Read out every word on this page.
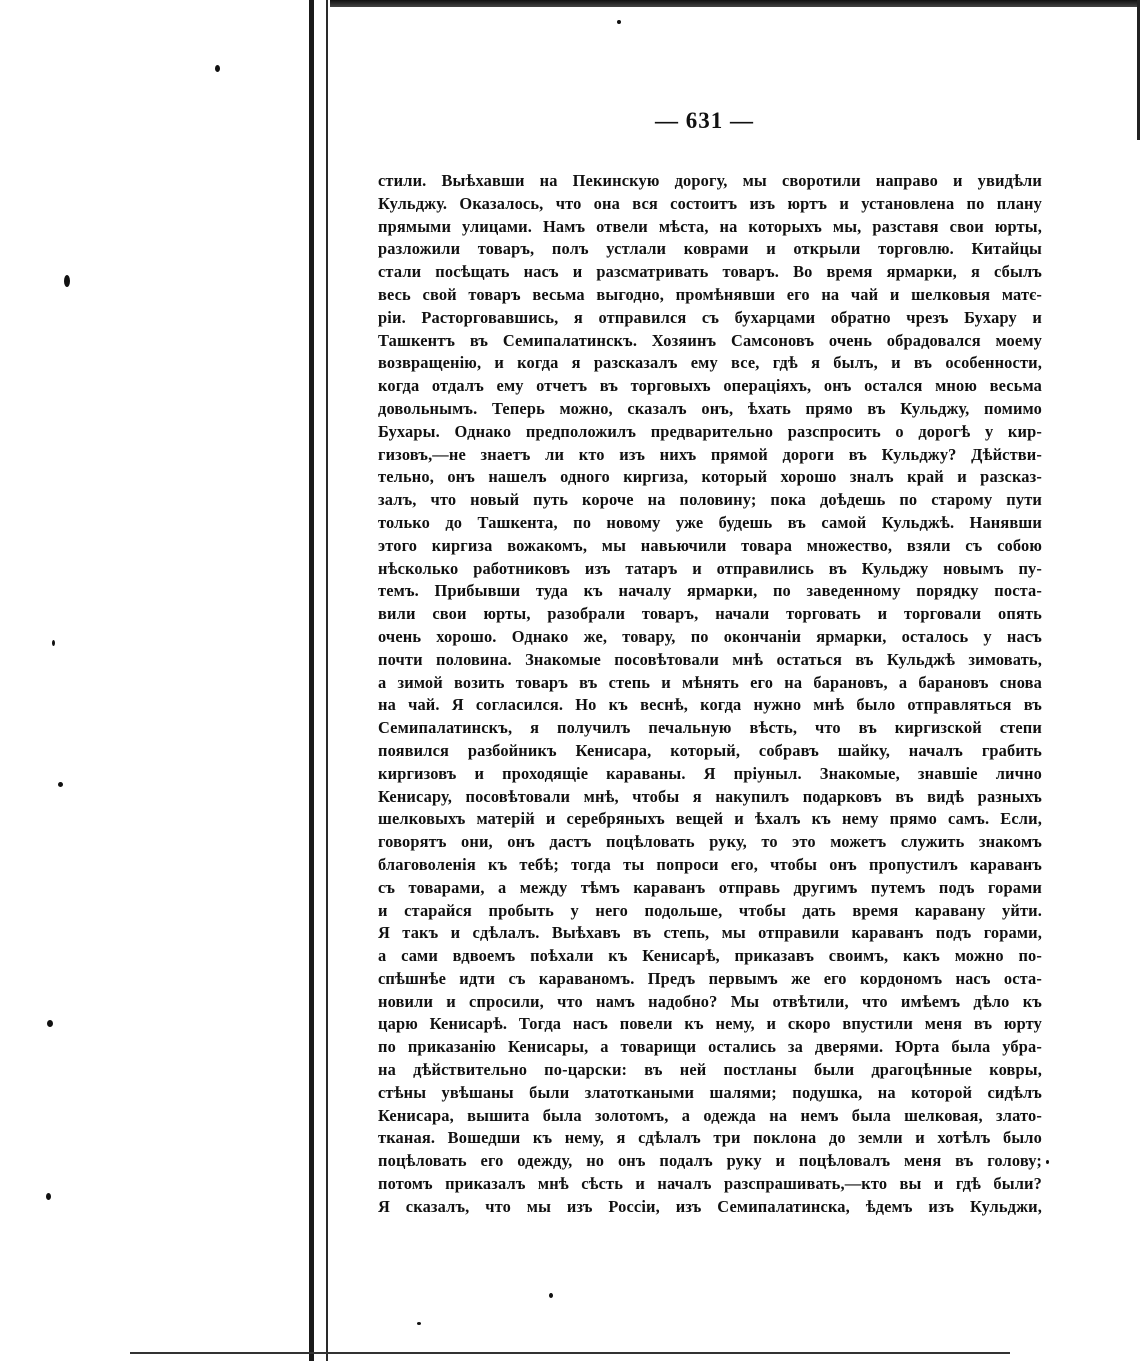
— 631 —
стили. Выѣхавши на Пекинскую дорогу, мы своротили направо и увидѣли
Кульджу. Оказалось, что она вся состоитъ изъ юртъ и установлена по плану
прямыми улицами. Намъ отвели мѣста, на которыхъ мы, разставя свои юрты,
разложили товаръ, полъ устлали коврами и открыли торговлю. Китайцы
стали посѣщать насъ и разсматривать товаръ. Во время ярмарки, я сбылъ
весь свой товаръ весьма выгодно, промѣнявши его на чай и шелковыя матє-
рiи. Расторговавшись, я отправился съ бухарцами обратно чрезъ Бухару и
Ташкентъ въ Семипалатинскъ. Хозяинъ Самсоновъ очень обрадовался моему
возвращенiю, и когда я разсказалъ ему все, гдѣ я былъ, и въ особенности,
когда отдалъ ему отчетъ въ торговыхъ операцiяхъ, онъ остался мною весьма
довольнымъ. Теперь можно, сказалъ онъ, ѣхать прямо въ Кульджу, помимо
Бухары. Однако предположилъ предварительно разспросить о дорогѣ у кир-
гизовъ,—не знаетъ ли кто изъ нихъ прямой дороги въ Кульджу? Дѣйстви-
тельно, онъ нашелъ одного киргиза, который хорошо зналъ край и разсказ-
залъ, что новый путь короче на половину; пока доѣдешь по старому пути
только до Ташкента, по новому уже будешь въ самой Кульджѣ. Нанявши
этого киргиза вожакомъ, мы навьючили товара множество, взяли съ собою
нѣсколько работниковъ изъ татаръ и отправились въ Кульджу новымъ пу-
темъ. Прибывши туда къ началу ярмарки, по заведенному порядку поста-
вили свои юрты, разобрали товаръ, начали торговать и торговали опять
очень хорошо. Однако же, товару, по окончанiи ярмарки, осталось у насъ
почти половина. Знакомые посовѣтовали мнѣ остаться въ Кульджѣ зимовать,
а зимой возить товаръ въ степь и мѣнять его на барановъ, а барановъ снова
на чай. Я согласился. Но къ веснѣ, когда нужно мнѣ было отправляться въ
Семипалатинскъ, я получилъ печальную вѣсть, что въ киргизской степи
появился разбойникъ Кенисара, который, собравъ шайку, началъ грабить
киргизовъ и проходящiе караваны. Я прiуныл. Знакомые, знавшiе лично
Кенисару, посовѣтовали мнѣ, чтобы я накупилъ подарковъ въ видѣ разныхъ
шелковыхъ матерiй и серебряныхъ вещей и ѣхалъ къ нему прямо самъ. Если,
говорятъ они, онъ дастъ поцѣловать руку, то это можетъ служить знакомъ
благоволенiя къ тебѣ; тогда ты попроси его, чтобы онъ пропустилъ караванъ
съ товарами, а между тѣмъ караванъ отправь другимъ путемъ подъ горами
и старайся пробыть у него подольше, чтобы дать время каравану уйти.
Я такъ и сдѣлалъ. Выѣхавъ въ степь, мы отправили караванъ подъ горами,
а сами вдвоемъ поѣхали къ Кенисарѣ, приказавъ своимъ, какъ можно по-
спѣшнѣе идти съ караваномъ. Предъ первымъ же его кордономъ насъ оста-
новили и спросили, что намъ надобно? Мы отвѣтили, что имѣемъ дѣло къ
царю Кенисарѣ. Тогда насъ повели къ нему, и скоро впустили меня въ юрту
по приказанiю Кенисары, а товарищи остались за дверями. Юрта была убра-
на дѣйствительно по-царски: въ ней постланы были драгоцѣнные ковры,
стѣны увѣшаны были златоткаными шалями; подушка, на которой сидѣлъ
Кенисара, вышита была золотомъ, а одежда на немъ была шелковая, злато-
тканая. Вошедши къ нему, я сдѣлалъ три поклона до земли и хотѣлъ было
поцѣловать его одежду, но онъ подалъ руку и поцѣловалъ меня въ голову;
потомъ приказалъ мнѣ сѣсть и началъ разспрашивать,—кто вы и гдѣ были?
Я сказалъ, что мы изъ Россiи, изъ Семипалатинска, ѣдемъ изъ Кульджи,
